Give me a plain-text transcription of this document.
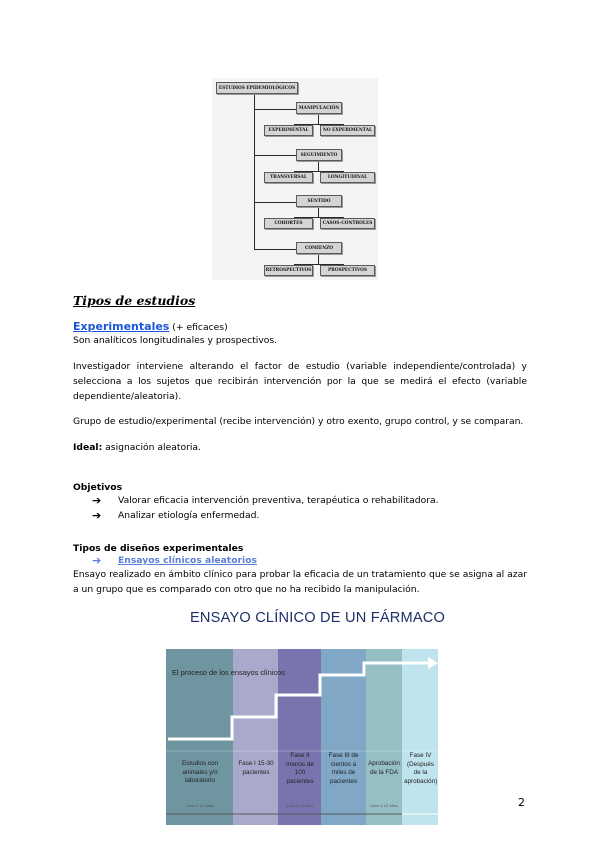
ESTUDIOS EPIDEMIOLÓGICOS
MANIPULACIÓN
EXPERIMENTAL	NO EXPERIMENTAL
SEGUIMIENTO
TRANSVERSAL	LONGITUDINAL
SENTIDO
COHORTES	CASOS-CONTROLES
COMIENZO
RETROSPECTIVOS	PROSPECTIVOS
Tipos de estudios
Experimentales (+ eficaces)
Son analíticos longitudinales y prospectivos.
Investigador interviene alterando el factor de estudio (variable independiente/controlada) y selecciona a los sujetos que recibirán intervención por la que se medirá el efecto (variable dependiente/aleatoria).
Grupo de estudio/experimental (recibe intervención) y otro exento, grupo control, y se comparan.
Ideal: asignación aleatoria.
Objetivos
➔	Valorar eficacia intervención preventiva, terapéutica o rehabilitadora.
➔	Analizar etiología enfermedad.
Tipos de diseños experimentales
➔	Ensayos clínicos aleatorios
Ensayo realizado en ámbito clínico para probar la eficacia de un tratamiento que se asigna al azar a un grupo que es comparado con otro que no ha recibido la manipulación.
ENSAYO CLÍNICO DE UN FÁRMACO
El proceso de los ensayos clínicos
Estudios con animales y/o laboratorio
Fase I 15-30 pacientes
Fase II menos de 100 pacientes
Fase III de cientos a miles de pacientes
Aprobación de la FDA
Fase IV (Después de la aprobación)
Unos 4 1/2 años	Unos 6 1/2 años	Unos 1 1/2 años	2
